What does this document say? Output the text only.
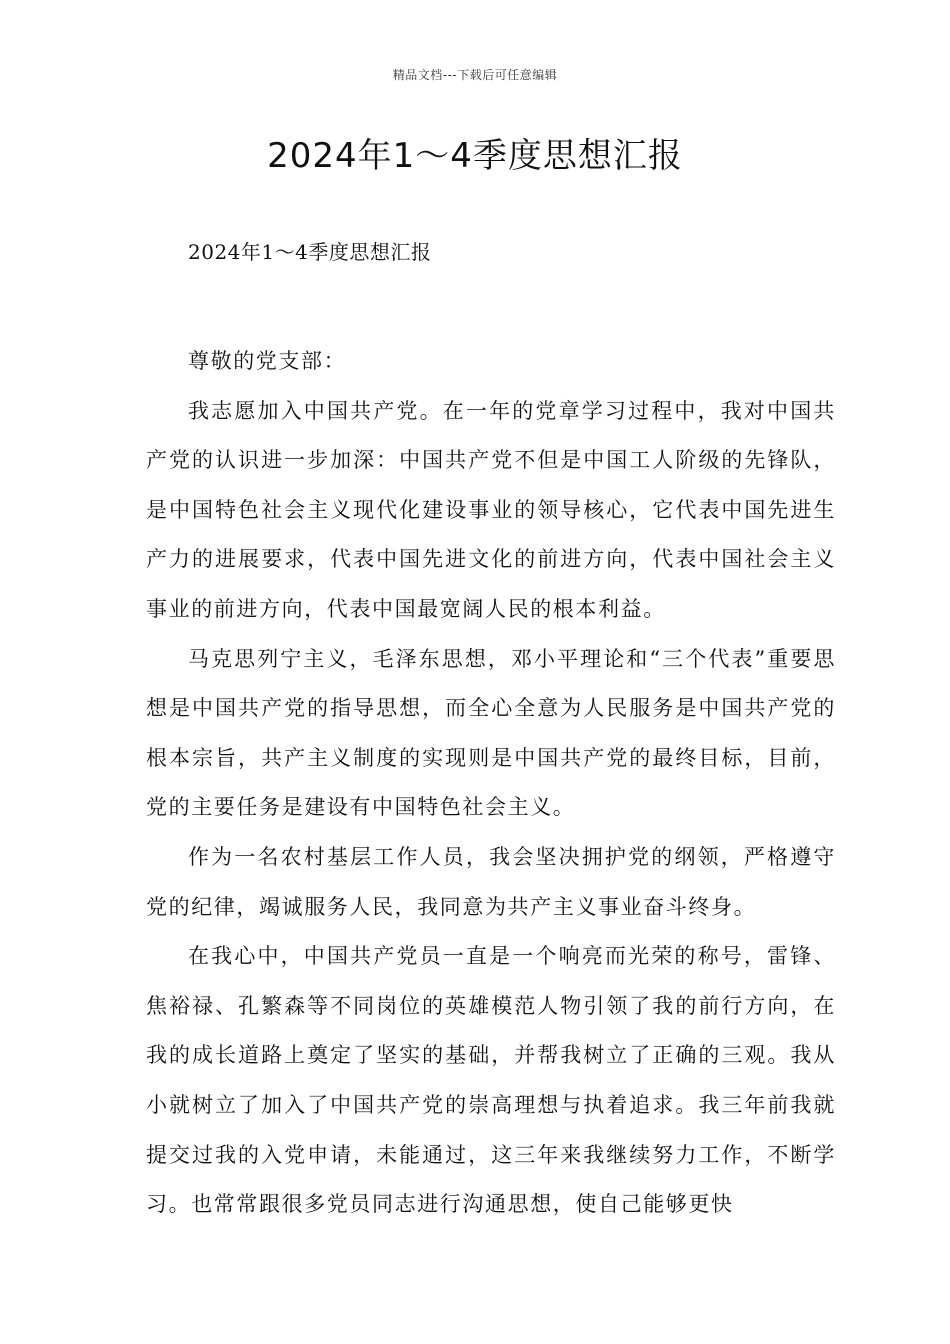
精品文档---下载后可任意编辑
2024年1～4季度思想汇报
2024年1～4季度思想汇报

尊敬的党支部：

我志愿加入中国共产党。在一年的党章学习过程中，我对中国共产党的认识进一步加深：中国共产党不但是中国工人阶级的先锋队，是中国特色社会主义现代化建设事业的领导核心，它代表中国先进生产力的进展要求，代表中国先进文化的前进方向，代表中国社会主义事业的前进方向，代表中国最宽阔人民的根本利益。

马克思列宁主义，毛泽东思想，邓小平理论和“三个代表”重要思想是中国共产党的指导思想，而全心全意为人民服务是中国共产党的根本宗旨，共产主义制度的实现则是中国共产党的最终目标，目前，党的主要任务是建设有中国特色社会主义。

作为一名农村基层工作人员，我会坚决拥护党的纲领，严格遵守党的纪律，竭诚服务人民，我同意为共产主义事业奋斗终身。

在我心中，中国共产党员一直是一个响亮而光荣的称号，雷锋、焦裕禄、孔繁森等不同岗位的英雄模范人物引领了我的前行方向，在我的成长道路上奠定了坚实的基础，并帮我树立了正确的三观。我从小就树立了加入了中国共产党的崇高理想与执着追求。我三年前我就提交过我的入党申请，未能通过，这三年来我继续努力工作，不断学习。也常常跟很多党员同志进行沟通思想，使自己能够更快
